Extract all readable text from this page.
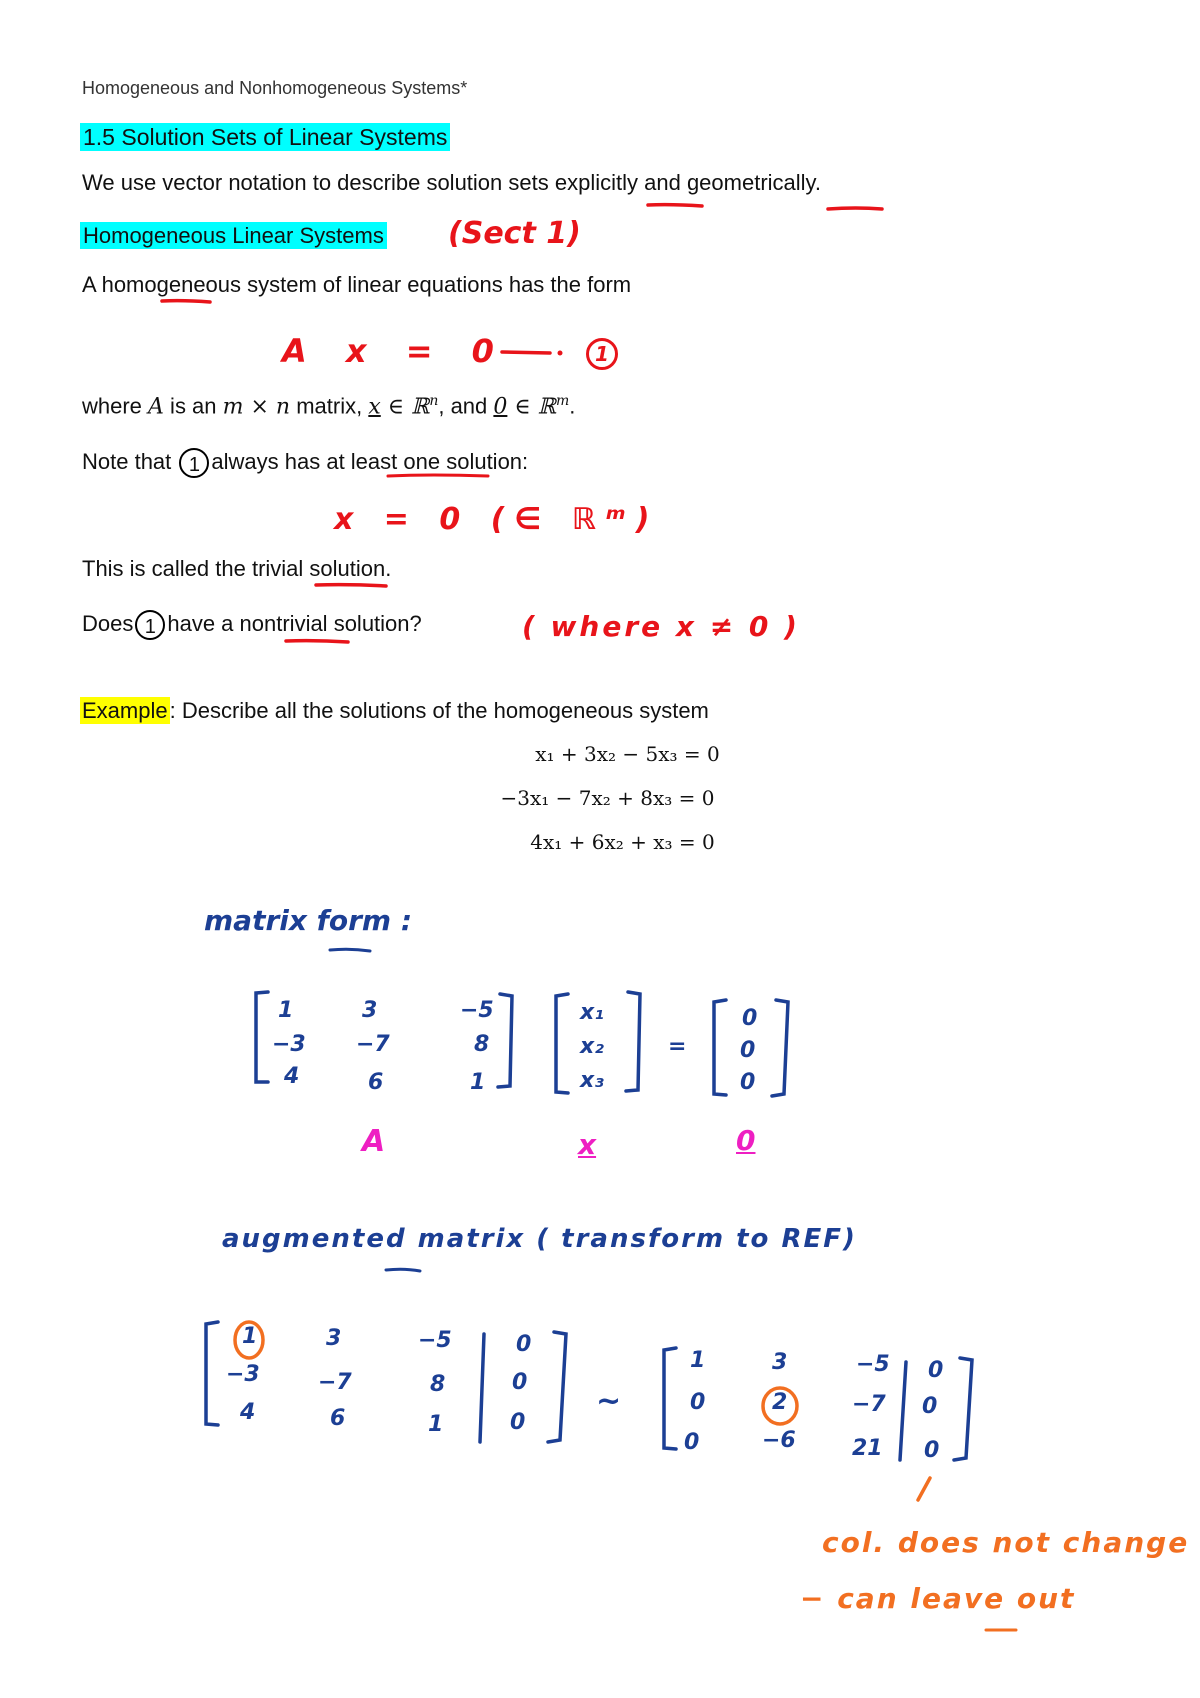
Homogeneous and Nonhomogeneous Systems*
1.5 Solution Sets of Linear Systems
We use vector notation to describe solution sets explicitly and geometrically.
Homogeneous Linear Systems (Sect 1)
A homogeneous system of linear equations has the form
A x = 0	1
where A is an m × n matrix, x ∈ ℝ$^n$, and 0 ∈ ℝ$^m$.
Note that 1 always has at least one solution:
x = 0 (∈ ℝᵐ)
This is called the trivial solution.
Does 1 have a nontrivial solution?	( where x ≠ 0 )
Example: Describe all the solutions of the homogeneous system
x₁ + 3x₂ − 5x₃ = 0
−3x₁ − 7x₂ + 8x₃ = 0
4x₁ + 6x₂ + x₃ = 0
matrix form :
1	3	−5
−3 −7	8
4	6	1
x₁
x₂
x₃
=
0
0
0
A	x	0
augmented matrix ( transform to REF)
1	3	−5	0
−3	−7	8	0
4	6	1	0
~
1	3	−5 0
0	2	−7 0
0	−6	21 0
col. does not change
− can leave out
